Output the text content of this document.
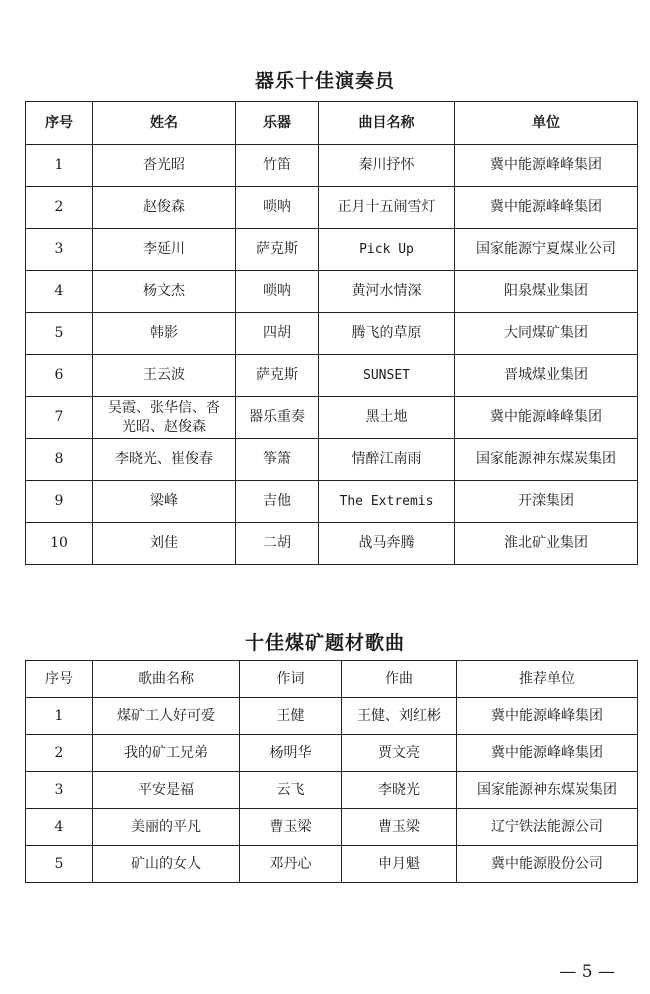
器乐十佳演奏员
序号	姓名	乐器	曲目名称	单位
1	沓光昭	竹笛	秦川抒怀	冀中能源峰峰集团
2	赵俊森	唢呐	正月十五闹雪灯	冀中能源峰峰集团
3	李延川	萨克斯	Pick Up	国家能源宁夏煤业公司
4	杨文杰	唢呐	黄河水情深	阳泉煤业集团
5	韩影	四胡	腾飞的草原	大同煤矿集团
6	王云波	萨克斯	SUNSET	晋城煤业集团
7	吴霞、张华信、沓光昭、赵俊森	器乐重奏	黑土地	冀中能源峰峰集团
8	李晓光、崔俊春	筝箫	情醉江南雨	国家能源神东煤炭集团
9	梁峰	吉他	The Extremis	开滦集团
10	刘佳	二胡	战马奔腾	淮北矿业集团
十佳煤矿题材歌曲
序号	歌曲名称	作词	作曲	推荐单位
1	煤矿工人好可爱	王健	王健、刘红彬	冀中能源峰峰集团
2	我的矿工兄弟	杨明华	贾文亮	冀中能源峰峰集团
3	平安是福	云飞	李晓光	国家能源神东煤炭集团
4	美丽的平凡	曹玉梁	曹玉梁	辽宁铁法能源公司
5	矿山的女人	邓丹心	申月魁	冀中能源股份公司
— 5 —
